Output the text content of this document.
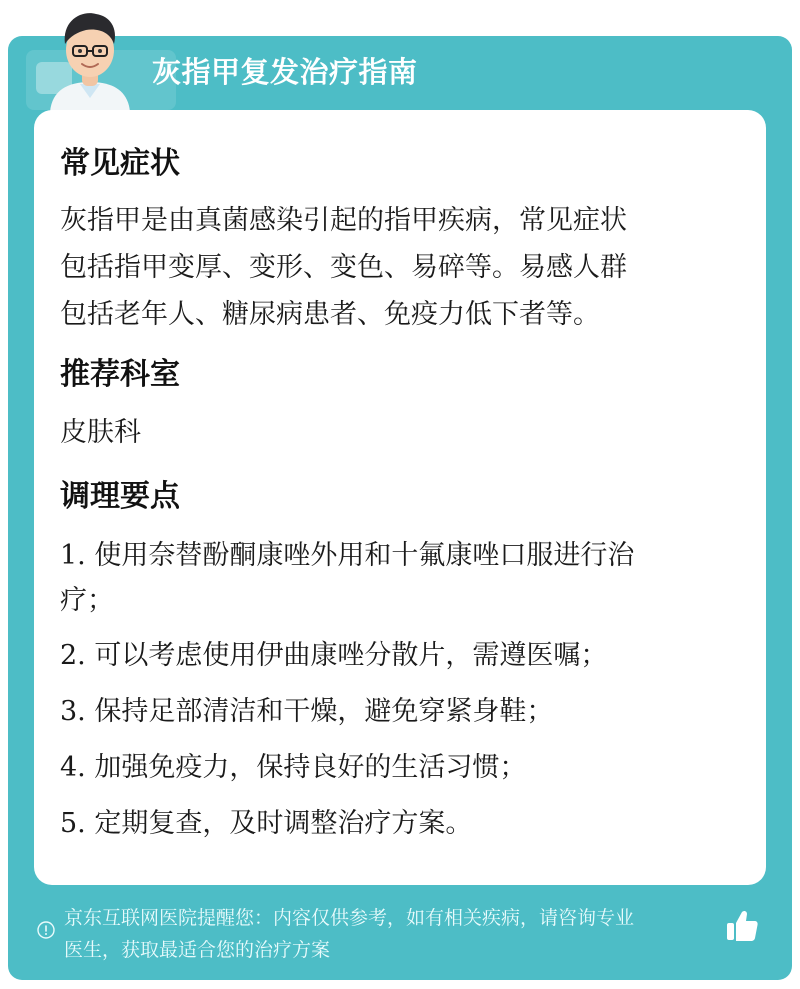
灰指甲复发治疗指南
常见症状
灰指甲是由真菌感染引起的指甲疾病，常见症状
包括指甲变厚、变形、变色、易碎等。易感人群
包括老年人、糖尿病患者、免疫力低下者等。
推荐科室
皮肤科
调理要点
1. 使用奈替酚酮康唑外用和十氟康唑口服进行治
疗；
2. 可以考虑使用伊曲康唑分散片，需遵医嘱；
3. 保持足部清洁和干燥，避免穿紧身鞋；
4. 加强免疫力，保持良好的生活习惯；
5. 定期复查，及时调整治疗方案。
京东互联网医院提醒您：内容仅供参考，如有相关疾病，请咨询专业
医生，获取最适合您的治疗方案
